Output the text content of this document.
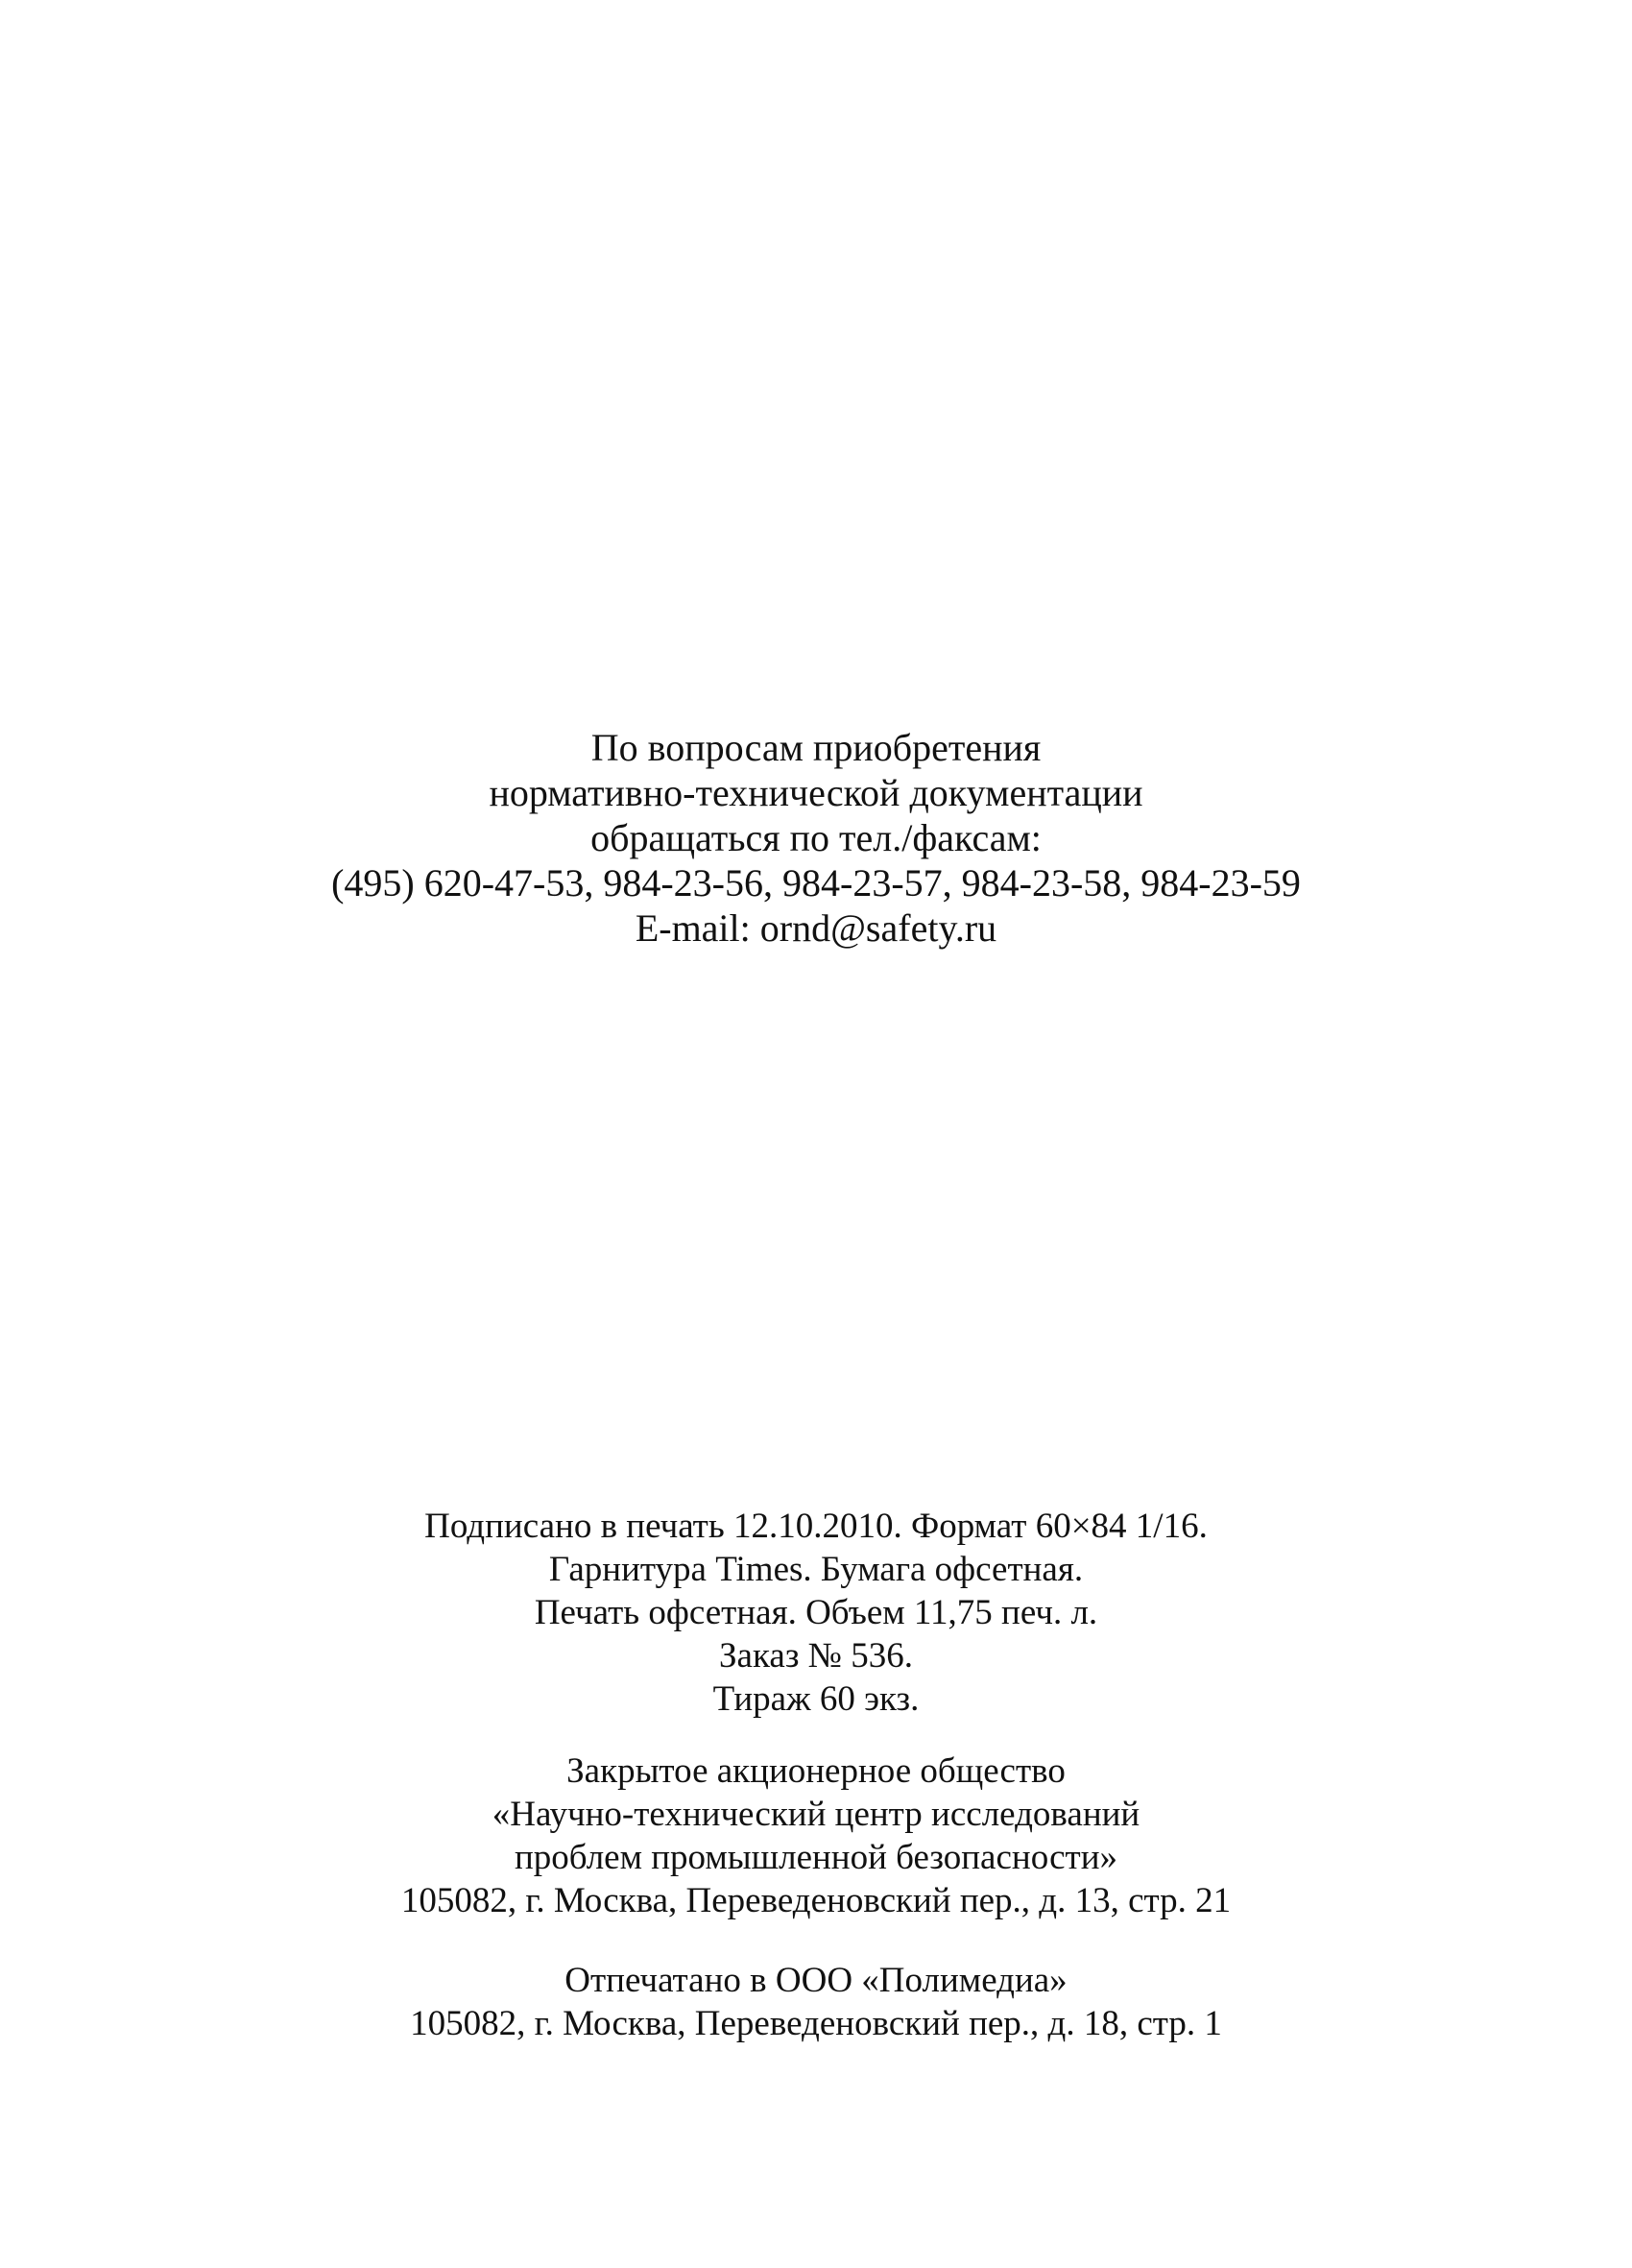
По вопросам приобретения
нормативно-технической документации
обращаться по тел./факсам:
(495) 620-47-53, 984-23-56, 984-23-57, 984-23-58, 984-23-59
E-mail: ornd@safety.ru
Подписано в печать 12.10.2010. Формат 60×84 1/16.
Гарнитура Times. Бумага офсетная.
Печать офсетная. Объем 11,75 печ. л.
Заказ № 536.
Тираж 60 экз.
Закрытое акционерное общество
«Научно-технический центр исследований
проблем промышленной безопасности»
105082, г. Москва, Переведеновский пер., д. 13, стр. 21
Отпечатано в ООО «Полимедиа»
105082, г. Москва, Переведеновский пер., д. 18, стр. 1
